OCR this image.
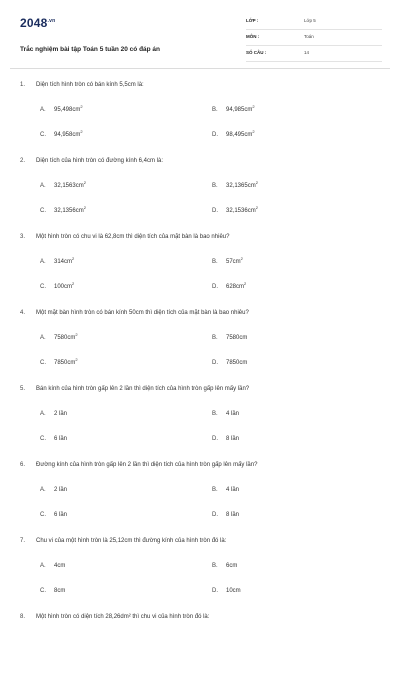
$2048^{.vn}$
Trắc nghiệm bài tập Toán 5 tuần 20 có đáp án
LỚP :	Lớp 5
MÔN :	Toán
SỐ CÂU :	14
1. Diện tích hình tròn có bán kính 5,5cm là:
A. $95,498cm^2$
B. $94,985cm^2$
C. $94,958cm^2$
D. $98,495cm^2$
2. Diện tích của hình tròn có đường kính 6,4cm là:
A. $32,1563cm^2$
B. $32,1365cm^2$
C. $32,1356cm^2$
D. $32,1536cm^2$
3. Một hình tròn có chu vi là 62,8cm thì diện tích của mặt bàn là bao nhiêu?
A. $314cm^2$
B. $57cm^2$
C. $100cm^2$
D. $628cm^2$
4. Một mặt bàn hình tròn có bán kính 50cm thì diện tích của mặt bàn là bao nhiêu?
A. $7580cm^2$
B. 7580cm
C. $7850cm^2$
D. 7850cm
5. Bán kính của hình tròn gấp lên 2 lần thì diện tích của hình tròn gấp lên mấy lần?
A. 2 lần	B. 4 lần
C. 6 lần	D. 8 lần
6. Đường kính của hình tròn gấp lên 2 lần thì diện tích của hình tròn gấp lên mấy lần?
A. 2 lần	B. 4 lần
C. 6 lần	D. 8 lần
7. Chu vi của một hình tròn là 25,12cm thì đường kính của hình tròn đó là:
A. 4cm	B. 6cm
C. 8cm	D. 10cm
8. Một hình tròn có diện tích 28,26dm² thì chu vi của hình tròn đó là:
